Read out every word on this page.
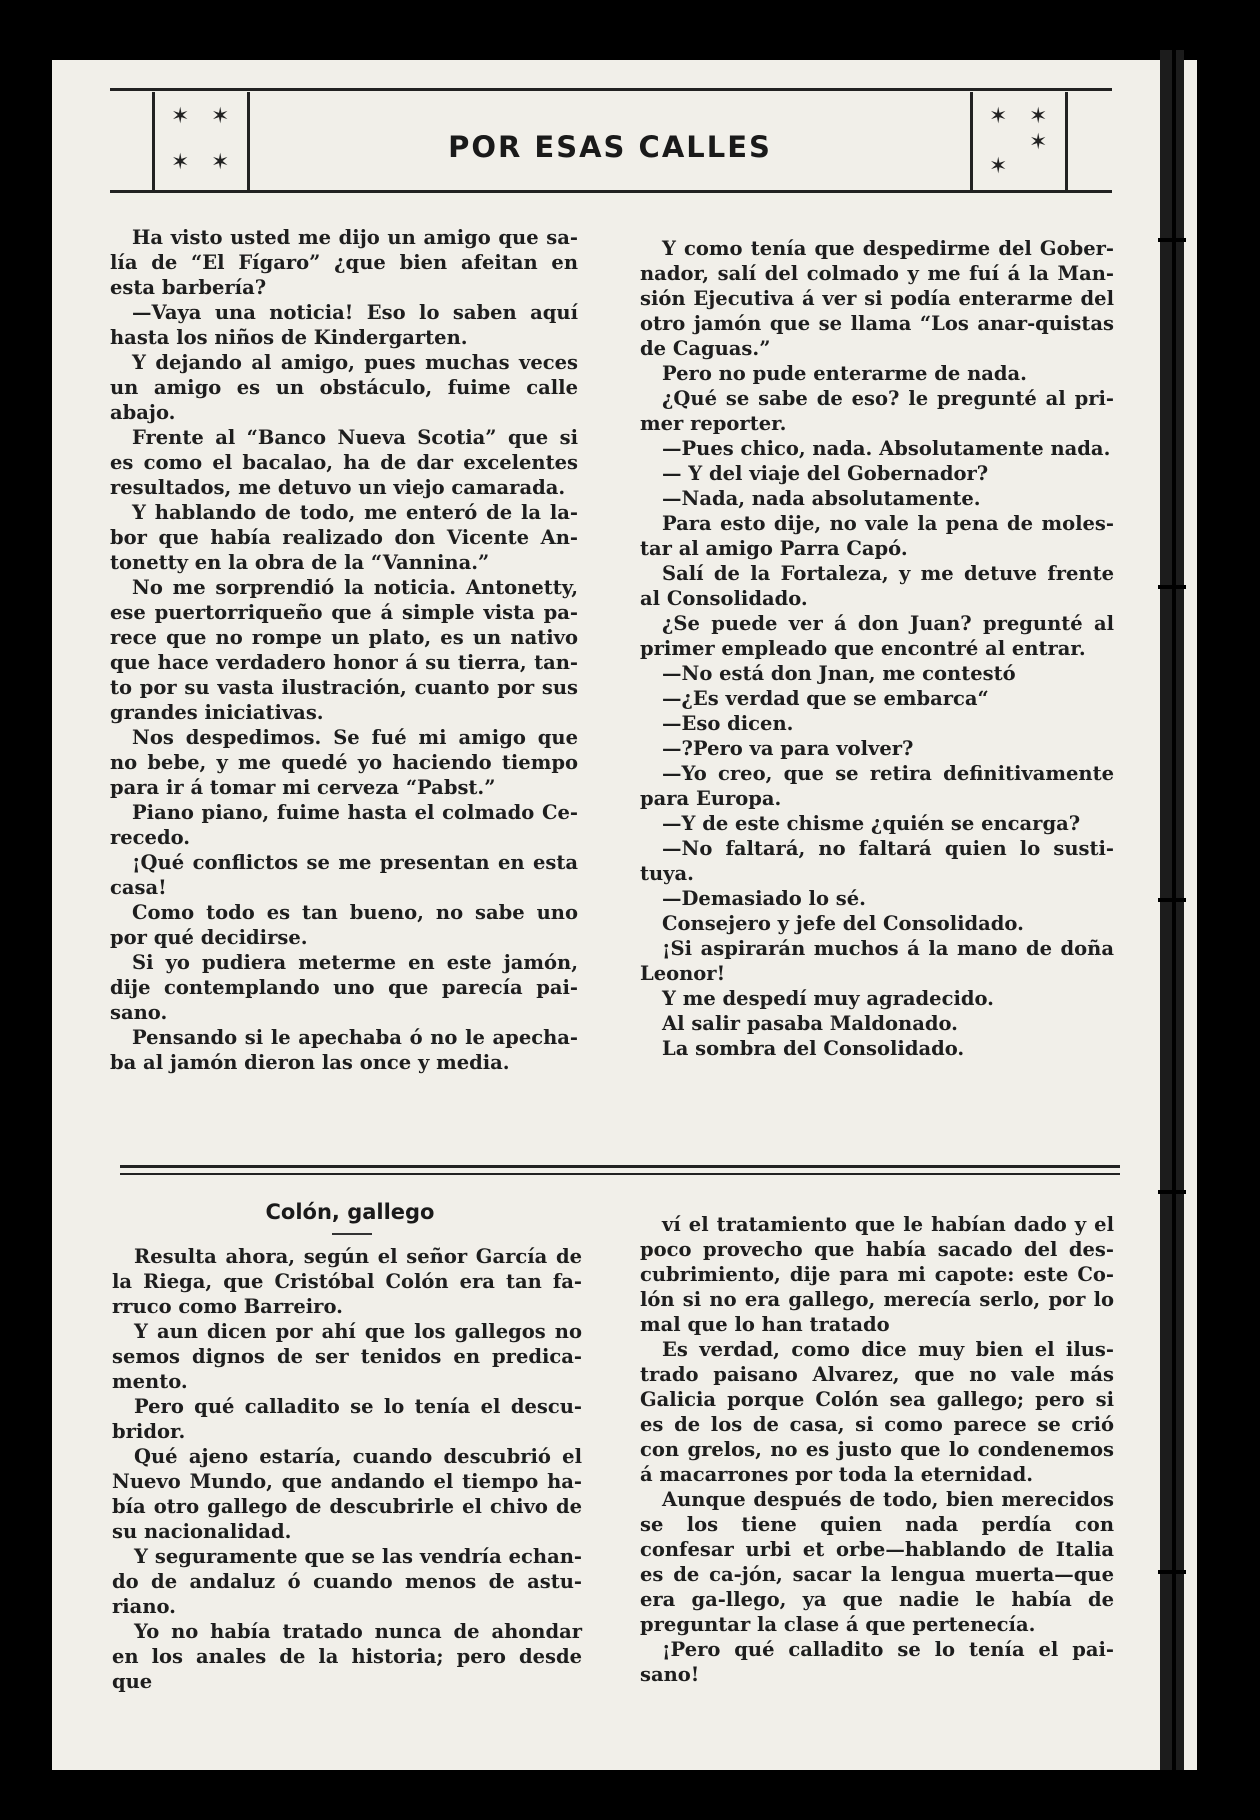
✶ ✶
✶ ✶	POR ESAS CALLES
✶ ✶
✶
✶

Ha visto usted me dijo un amigo que sa-lía de “El Fígaro” ¿que bien afeitan en esta barbería?

—Vaya una noticia! Eso lo saben aquí hasta los niños de Kindergarten.

Y dejando al amigo, pues muchas veces un amigo es un obstáculo, fuime calle abajo.

Frente al “Banco Nueva Scotia” que si es como el bacalao, ha de dar excelentes resultados, me detuvo un viejo camarada.

Y hablando de todo, me enteró de la la-bor que había realizado don Vicente An-tonetty en la obra de la “Vannina.”

No me sorprendió la noticia. Antonetty, ese puertorriqueño que á simple vista pa-rece que no rompe un plato, es un nativo que hace verdadero honor á su tierra, tan-to por su vasta ilustración, cuanto por sus grandes iniciativas.

Nos despedimos. Se fué mi amigo que no bebe, y me quedé yo haciendo tiempo para ir á tomar mi cerveza “Pabst.”

Piano piano, fuime hasta el colmado Ce-recedo.

¡Qué conflictos se me presentan en esta casa!

Como todo es tan bueno, no sabe uno por qué decidirse.

Si yo pudiera meterme en este jamón, dije contemplando uno que parecía pai-sano.

Pensando si le apechaba ó no le apecha-ba al jamón dieron las once y media.

Y como tenía que despedirme del Gober-nador, salí del colmado y me fuí á la Man-sión Ejecutiva á ver si podía enterarme del otro jamón que se llama “Los anar-quistas de Caguas.”

Pero no pude enterarme de nada.

¿Qué se sabe de eso? le pregunté al pri-mer reporter.

—Pues chico, nada. Absolutamente nada.

— Y del viaje del Gobernador?

—Nada, nada absolutamente.

Para esto dije, no vale la pena de moles-tar al amigo Parra Capó.

Salí de la Fortaleza, y me detuve frente al Consolidado.

¿Se puede ver á don Juan? pregunté al primer empleado que encontré al entrar.

—No está don Jnan, me contestó

—¿Es verdad que se embarca“

—Eso dicen.

—?Pero va para volver?

—Yo creo, que se retira definitivamente para Europa.

—Y de este chisme ¿quién se encarga?

—No faltará, no faltará quien lo susti-tuya.

—Demasiado lo sé.

Consejero y jefe del Consolidado.

¡Si aspirarán muchos á la mano de doña Leonor!

Y me despedí muy agradecido.

Al salir pasaba Maldonado.

La sombra del Consolidado.

Colón, gallego

Resulta ahora, según el señor García de la Riega, que Cristóbal Colón era tan fa-rruco como Barreiro.

Y aun dicen por ahí que los gallegos no semos dignos de ser tenidos en predica-mento.

Pero qué calladito se lo tenía el descu-bridor.

Qué ajeno estaría, cuando descubrió el Nuevo Mundo, que andando el tiempo ha-bía otro gallego de descubrirle el chivo de su nacionalidad.

Y seguramente que se las vendría echan-do de andaluz ó cuando menos de astu-riano.

Yo no había tratado nunca de ahondar en los anales de la historia; pero desde que

ví el tratamiento que le habían dado y el poco provecho que había sacado del des-cubrimiento, dije para mi capote: este Co-lón si no era gallego, merecía serlo, por lo mal que lo han tratado

Es verdad, como dice muy bien el ilus-trado paisano Alvarez, que no vale más Galicia porque Colón sea gallego; pero si es de los de casa, si como parece se crió con grelos, no es justo que lo condenemos á macarrones por toda la eternidad.

Aunque después de todo, bien merecidos se los tiene quien nada perdía con confesar urbi et orbe—hablando de Italia es de ca-jón, sacar la lengua muerta—que era ga-llego, ya que nadie le había de preguntar la clase á que pertenecía.

¡Pero qué calladito se lo tenía el pai-sano!
